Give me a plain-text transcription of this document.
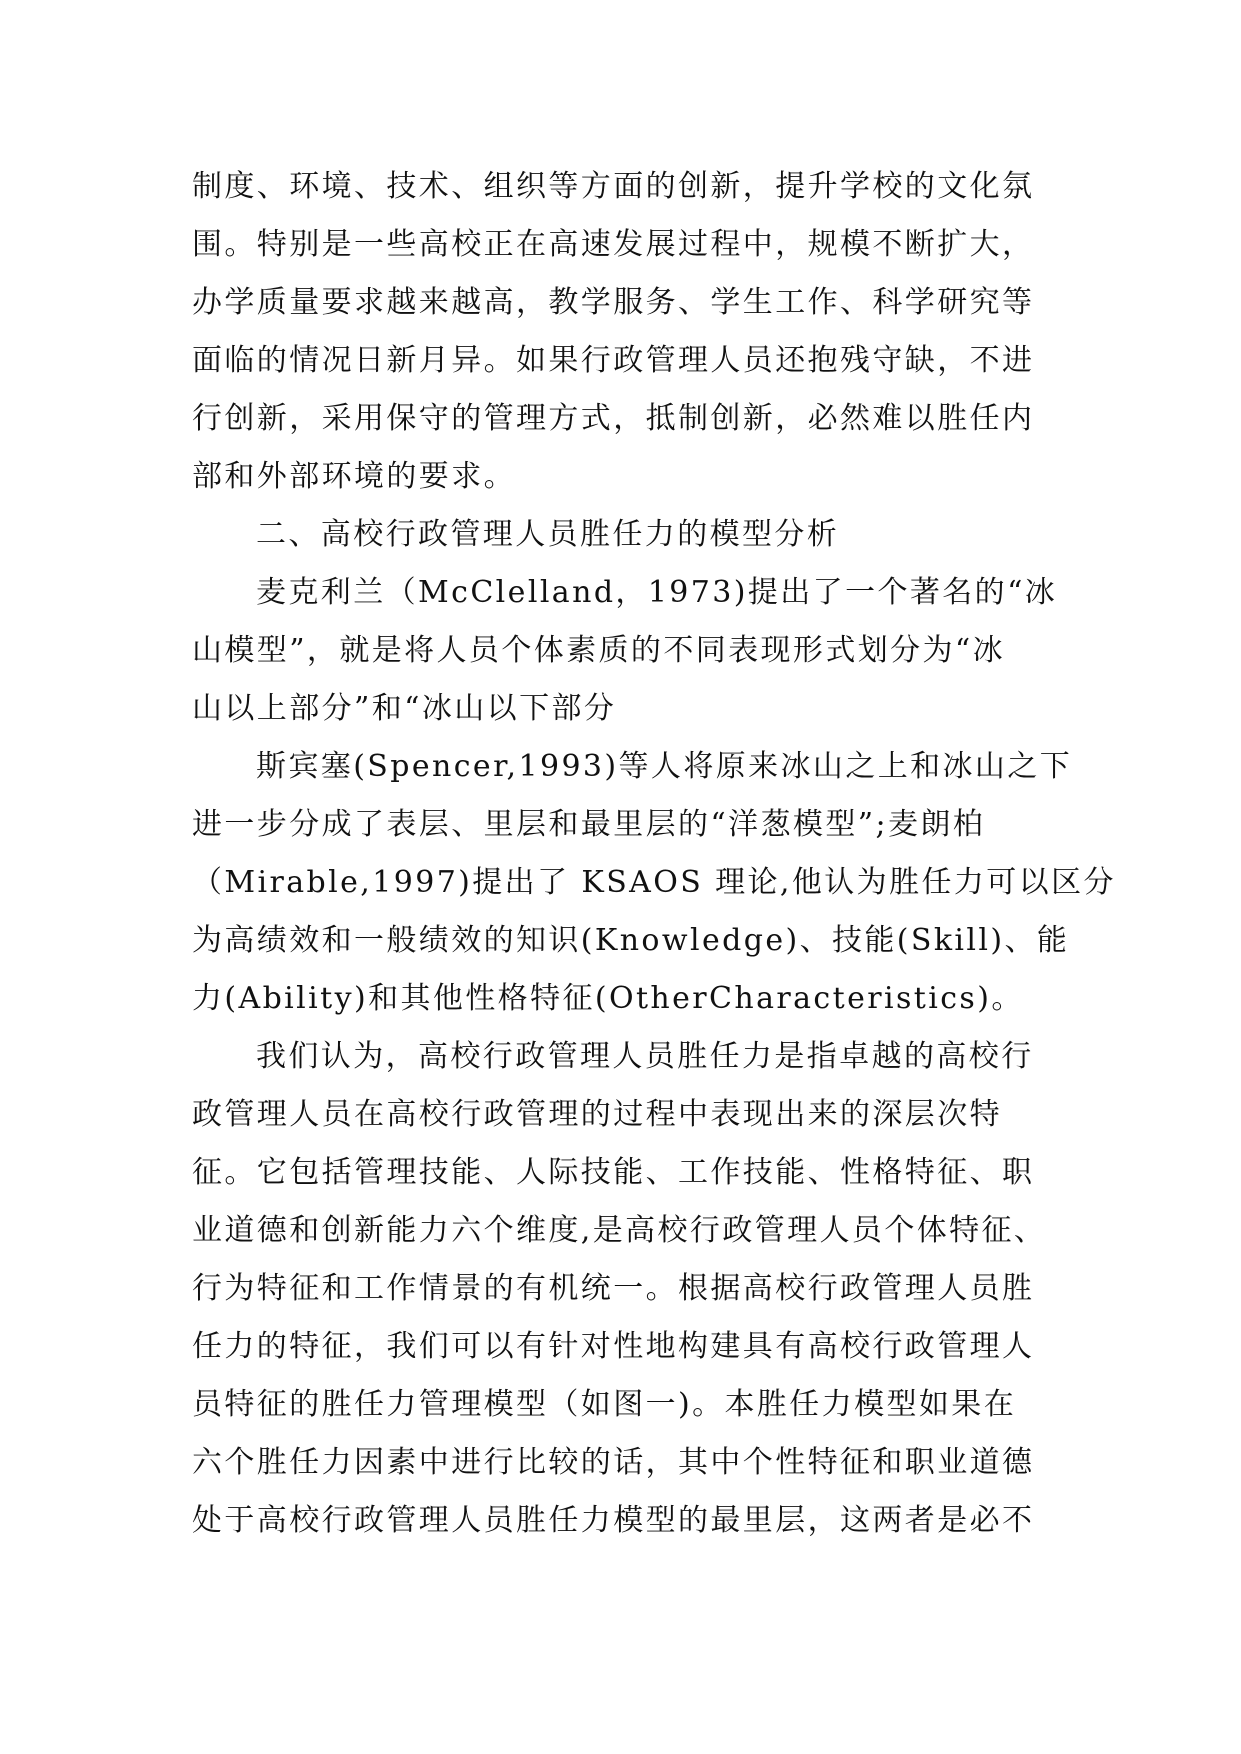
制度、环境、技术、组织等方面的创新，提升学校的文化氛
围。特别是一些高校正在高速发展过程中，规模不断扩大，
办学质量要求越来越高，教学服务、学生工作、科学研究等
面临的情况日新月异。如果行政管理人员还抱残守缺，不进
行创新，采用保守的管理方式，抵制创新，必然难以胜任内
部和外部环境的要求。
二、高校行政管理人员胜任力的模型分析
麦克利兰（McClelland，1973)提出了一个著名的“冰
山模型”，就是将人员个体素质的不同表现形式划分为“冰
山以上部分”和“冰山以下部分
斯宾塞(Spencer,1993)等人将原来冰山之上和冰山之下
进一步分成了表层、里层和最里层的“洋葱模型”;麦朗柏
（Mirable,1997)提出了 KSAOS 理论,他认为胜任力可以区分
为高绩效和一般绩效的知识(Knowledge)、技能(Skill)、能
力(Ability)和其他性格特征(OtherCharacteristics)。
我们认为，高校行政管理人员胜任力是指卓越的高校行
政管理人员在高校行政管理的过程中表现出来的深层次特
征。它包括管理技能、人际技能、工作技能、性格特征、职
业道德和创新能力六个维度,是高校行政管理人员个体特征、
行为特征和工作情景的有机统一。根据高校行政管理人员胜
任力的特征，我们可以有针对性地构建具有高校行政管理人
员特征的胜任力管理模型（如图一)。本胜任力模型如果在
六个胜任力因素中进行比较的话，其中个性特征和职业道德
处于高校行政管理人员胜任力模型的最里层，这两者是必不
